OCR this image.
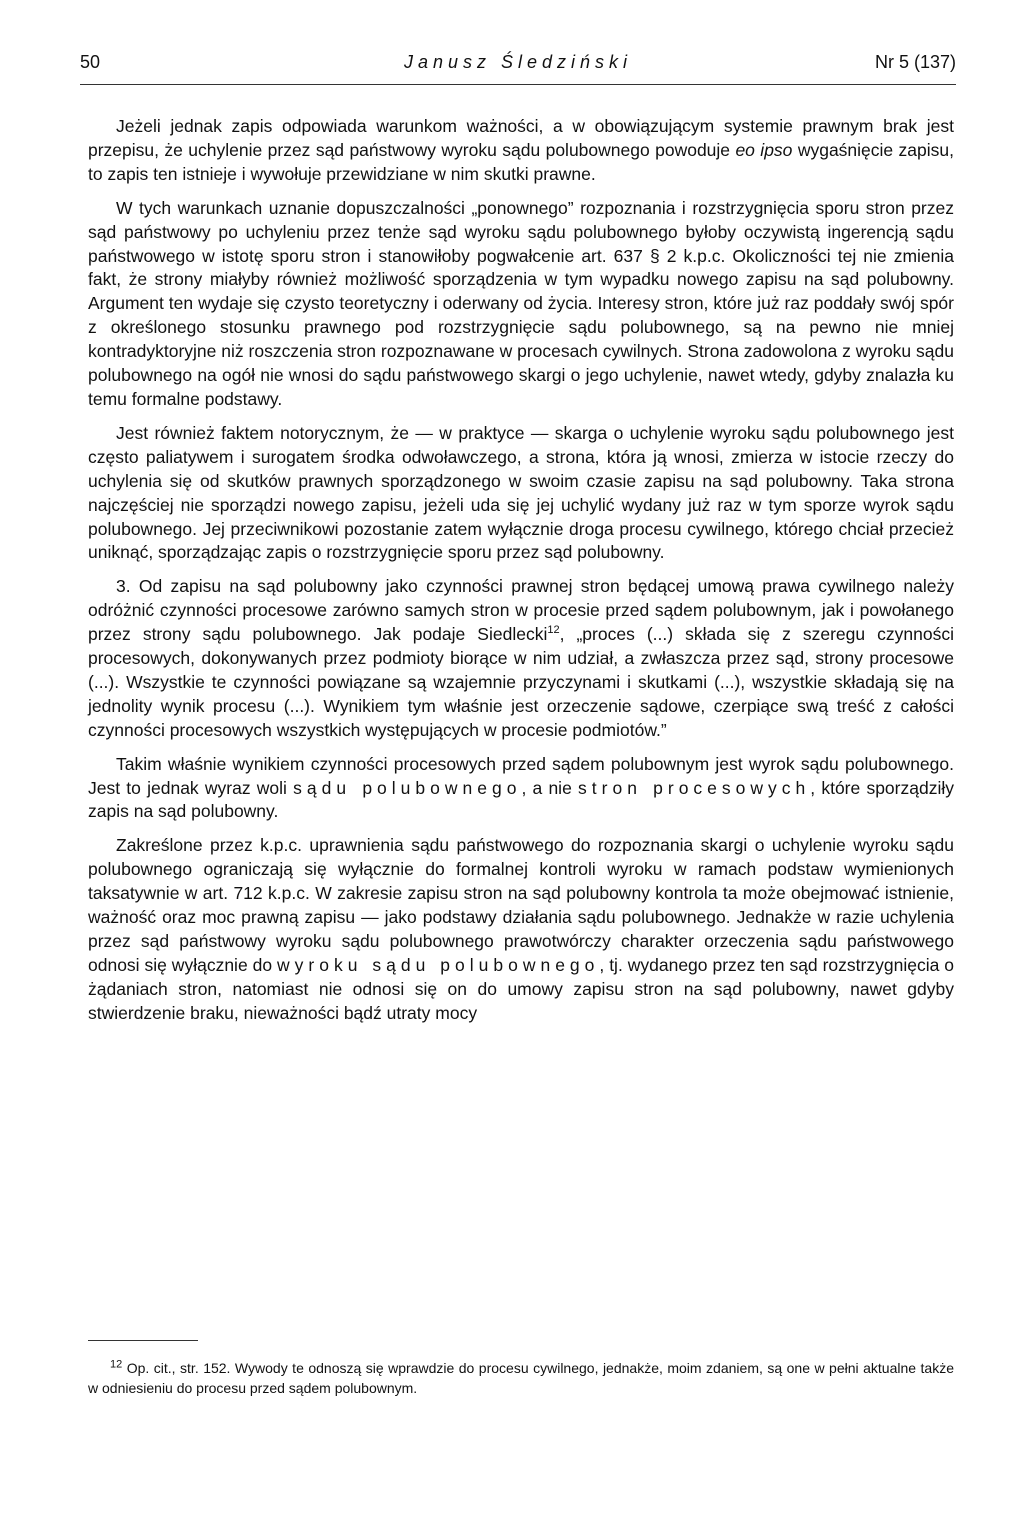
50	Janusz Śledziński	Nr 5 (137)

Jeżeli jednak zapis odpowiada warunkom ważności, a w obowiązującym systemie prawnym brak jest przepisu, że uchylenie przez sąd państwowy wyroku sądu polubownego powoduje eo ipso wygaśnięcie zapisu, to zapis ten istnieje i wywołuje przewidziane w nim skutki prawne.

W tych warunkach uznanie dopuszczalności „ponownego” rozpoznania i rozstrzygnięcia sporu stron przez sąd państwowy po uchyleniu przez tenże sąd wyroku sądu polubownego byłoby oczywistą ingerencją sądu państwowego w istotę sporu stron i stanowiłoby pogwałcenie art. 637 § 2 k.p.c. Okoliczności tej nie zmienia fakt, że strony miałyby również możliwość sporządzenia w tym wypadku nowego zapisu na sąd polubowny. Argument ten wydaje się czysto teoretyczny i oderwany od życia. Interesy stron, które już raz poddały swój spór z określonego stosunku prawnego pod rozstrzygnięcie sądu polubownego, są na pewno nie mniej kontradyktoryjne niż roszczenia stron rozpoznawane w procesach cywilnych. Strona zadowolona z wyroku sądu polubownego na ogół nie wnosi do sądu państwowego skargi o jego uchylenie, nawet wtedy, gdyby znalazła ku temu formalne podstawy.

Jest również faktem notorycznym, że — w praktyce — skarga o uchylenie wyroku sądu polubownego jest często paliatywem i surogatem środka odwoławczego, a strona, która ją wnosi, zmierza w istocie rzeczy do uchylenia się od skutków prawnych sporządzonego w swoim czasie zapisu na sąd polubowny. Taka strona najczęściej nie sporządzi nowego zapisu, jeżeli uda się jej uchylić wydany już raz w tym sporze wyrok sądu polubownego. Jej przeciwnikowi pozostanie zatem wyłącznie droga procesu cywilnego, którego chciał przecież uniknąć, sporządzając zapis o rozstrzygnięcie sporu przez sąd polubowny.

3. Od zapisu na sąd polubowny jako czynności prawnej stron będącej umową prawa cywilnego należy odróżnić czynności procesowe zarówno samych stron w procesie przed sądem polubownym, jak i powołanego przez strony sądu polubownego. Jak podaje Siedlecki$^{12}$, „proces (...) składa się z szeregu czynności procesowych, dokonywanych przez podmioty biorące w nim udział, a zwłaszcza przez sąd, strony procesowe (...). Wszystkie te czynności powiązane są wzajemnie przyczynami i skutkami (...), wszystkie składają się na jednolity wynik procesu (...). Wynikiem tym właśnie jest orzeczenie sądowe, czerpiące swą treść z całości czynności procesowych wszystkich występujących w procesie podmiotów.”

Takim właśnie wynikiem czynności procesowych przed sądem polubownym jest wyrok sądu polubownego. Jest to jednak wyraz woli sądu polubownego, a nie stron procesowych, które sporządziły zapis na sąd polubowny.

Zakreślone przez k.p.c. uprawnienia sądu państwowego do rozpoznania skargi o uchylenie wyroku sądu polubownego ograniczają się wyłącznie do formalnej kontroli wyroku w ramach podstaw wymienionych taksatywnie w art. 712 k.p.c. W zakresie zapisu stron na sąd polubowny kontrola ta może obejmować istnienie, ważność oraz moc prawną zapisu — jako podstawy działania sądu polubownego. Jednakże w razie uchylenia przez sąd państwowy wyroku sądu polubownego prawotwórczy charakter orzeczenia sądu państwowego odnosi się wyłącznie do wyroku sądu polubownego, tj. wydanego przez ten sąd rozstrzygnięcia o żądaniach stron, natomiast nie odnosi się on do umowy zapisu stron na sąd polubowny, nawet gdyby stwierdzenie braku, nieważności bądź utraty mocy

$^{12}$ Op. cit., str. 152. Wywody te odnoszą się wprawdzie do procesu cywilnego, jednakże, moim zdaniem, są one w pełni aktualne także w odniesieniu do procesu przed sądem polubownym.
